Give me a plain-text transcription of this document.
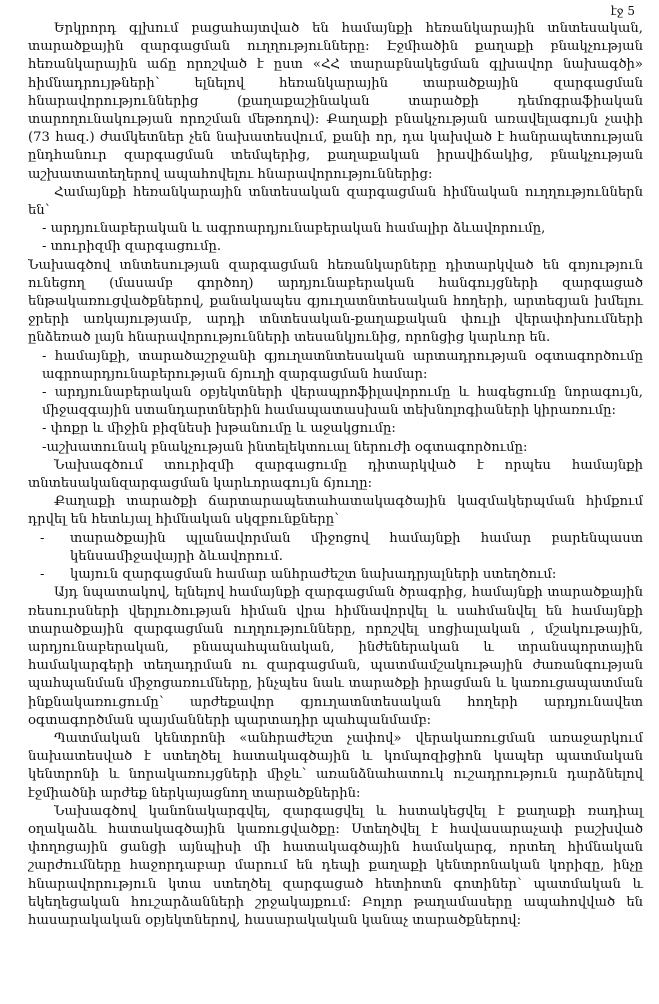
էջ 5

Երկրորդ գլխում բացահայտված են համայնքի հեռանկարային տնտեսական, տարածքային զարգացման ուղղությունները: Էջմիածին քաղաքի բնակչության հեռանկարային աճը որոշված է ըստ «ՀՀ տարաբնակեցման գլխավոր նախագծի» հիմնադրույթների՝ ելնելով հեռանկարային տարածքային զարգացման հնարավորություններից (քաղաքաշինական տարածքի դեմոգրաֆիական տարողունակության որոշման մեթոդով): Քաղաքի բնակչության առավելագույն չափի (73 հազ.) ժամկետներ չեն նախատեսվում, քանի որ, դա կախված է հանրապետության ընդհանուր զարգացման տեմպերից, քաղաքական իրավիճակից, բնակչության աշխատատեղերով ապահովելու հնարավորություններից:

Համայնքի հեռանկարային տնտեսական զարգացման հիմնական ուղղություններն են՝

- արդյունաբերական և ագրոարդյունաբերական համալիր ձևավորումը,

- տուրիզմի զարգացումը.

Նախագծով տնտեսության զարգացման հեռանկարները դիտարկված են գոյություն ունեցող (մասամբ գործող) արդյունաբերական հանգույցների զարգացած ենթակառուցվածքներով, քանակապես գյուղատնտեսական հողերի, արտեզյան խմելու ջրերի առկայությամբ, արդի տնտեսական-քաղաքական փուլի վերափոխումների ընձեռած լայն հնարավորությունների տեսանկյունից, որոնցից կարևոր են.

- համայնքի, տարածաշրջանի գյուղատնտեսական արտադրության օգտագործումը ագրոարդյունաբերության ճյուղի զարգացման համար:

- արդյունաբերական օբյեկտների վերապրոֆիլավորումը և հագեցումը նորագույն, միջազգային ստանդարտներին համապատասխան տեխնոլոգիաների կիրառումը:

- փոքր և միջին բիզնեսի խթանումը և աջակցումը:

-աշխատունակ բնակչության ինտելեկտուալ ներուժի օգտագործումը:

Նախագծում տուրիզմի զարգացումը դիտարկված է որպես համայնքի տնտեսականզարգացման կարևորագույն ճյուղը:

Քաղաքի տարածքի ճարտարապետահատակագծային կազմակերպման հիմքում դրվել են հետևյալ հիմնական սկզբունքները՝

-	տարածքային պլանավորման միջոցով համայնքի համար բարենպաստ կենսամիջավայրի ձևավորում.
-	կայուն զարգացման համար անհրաժեշտ նախադրյալների ստեղծում:

Այդ նպատակով, ելնելով համայնքի զարգացման ծրագրից, համայնքի տարածքային ռեսուրսների վերլուծության հիման վրա հիմնավորվել և սահմանվել են համայնքի տարածքային զարգացման ուղղությունները, որոշվել սոցիալական , մշակութային, արդյունաբերական, բնապահպանական, ինժեներական և տրանսպորտային համակարգերի տեղադրման ու զարգացման, պատմամշակութային ժառանգության պահպանման միջոցառումները, ինչպես նաև տարածքի իրացման և կառուցապատման ինքնակառուցումը՝ արժեքավոր գյուղատնտեսական հողերի արդյունավետ օգտագործման պայմանների պարտադիր պահպանմամբ:

Պատմական կենտրոնի «անհրաժեշտ չափով» վերակառուցման առաջարկում նախատեսված է ստեղծել հատակագծային և կոմպոզիցիոն կապեր պատմական կենտրոնի և նորակառույցների միջև՝ առանձնահատուկ ուշադրություն դարձնելով էջմիածնի արժեք ներկայացնող տարածքներին:

Նախագծով կանոնակարգվել, զարգացվել և հստակեցվել է քաղաքի ռադիալ օղակաձև հատակագծային կառուցվածքը: Ստեղծվել է հավասարաչափ բաշխված փողոցային ցանցի այնպիսի մի հատակագծային համակարգ, որտեղ հիմնական շարժումները հաջորդաբար մարում են դեպի քաղաքի կենտրոնական կորիզը, ինչը հնարավորություն կտա ստեղծել զարգացած հետիոտն գոտիներ՝ պատմական և եկեղեցական հուշարձանների շրջակայքում: Բոլոր թաղամասերը ապահովված են հասարակական օբյեկտներով, հասարակական կանաչ տարածքներով:
